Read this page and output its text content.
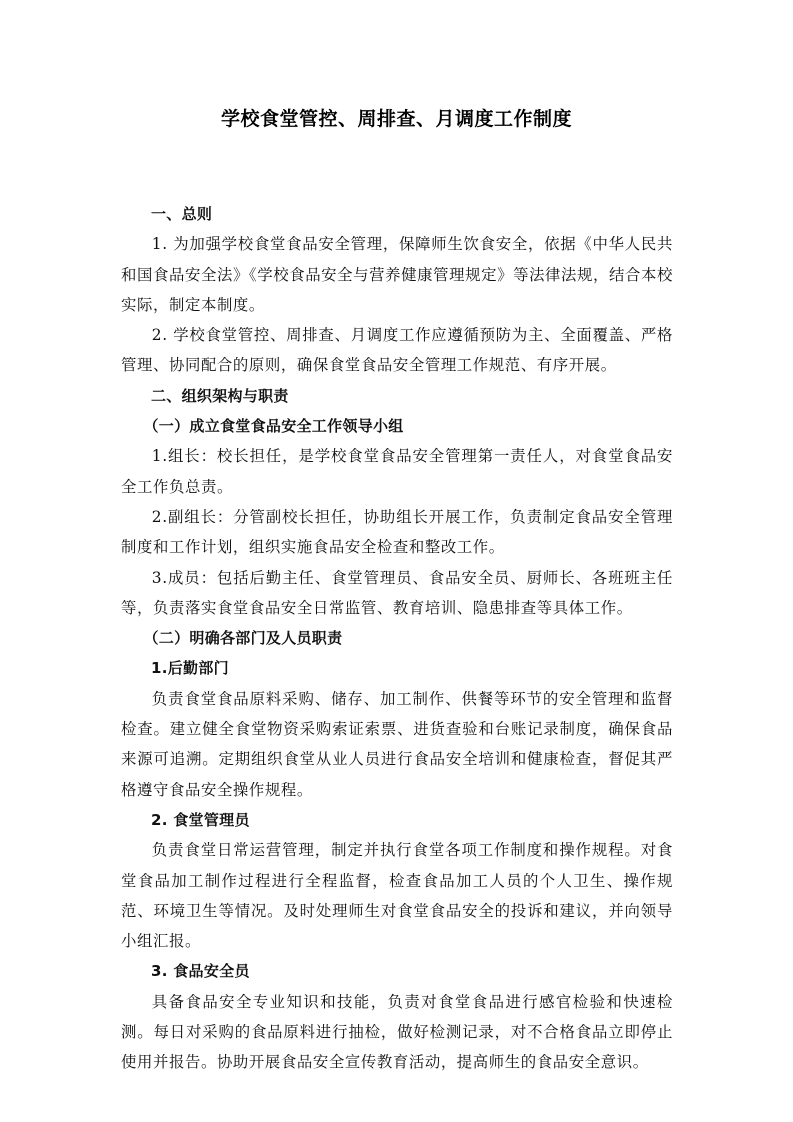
学校食堂管控、周排查、月调度工作制度
一、总则

1. 为加强学校食堂食品安全管理，保障师生饮食安全，依据《中华人民共和国食品安全法》《学校食品安全与营养健康管理规定》等法律法规，结合本校实际，制定本制度。

2. 学校食堂管控、周排查、月调度工作应遵循预防为主、全面覆盖、严格管理、协同配合的原则，确保食堂食品安全管理工作规范、有序开展。

二、组织架构与职责
（一）成立食堂食品安全工作领导小组

1.组长：校长担任，是学校食堂食品安全管理第一责任人，对食堂食品安全工作负总责。

2.副组长：分管副校长担任，协助组长开展工作，负责制定食品安全管理制度和工作计划，组织实施食品安全检查和整改工作。

3.成员：包括后勤主任、食堂管理员、食品安全员、厨师长、各班班主任等，负责落实食堂食品安全日常监管、教育培训、隐患排查等具体工作。

（二）明确各部门及人员职责
1.后勤部门

负责食堂食品原料采购、储存、加工制作、供餐等环节的安全管理和监督检查。建立健全食堂物资采购索证索票、进货查验和台账记录制度，确保食品来源可追溯。定期组织食堂从业人员进行食品安全培训和健康检查，督促其严格遵守食品安全操作规程。

2. 食堂管理员

负责食堂日常运营管理，制定并执行食堂各项工作制度和操作规程。对食堂食品加工制作过程进行全程监督，检查食品加工人员的个人卫生、操作规范、环境卫生等情况。及时处理师生对食堂食品安全的投诉和建议，并向领导小组汇报。

3. 食品安全员

具备食品安全专业知识和技能，负责对食堂食品进行感官检验和快速检测。每日对采购的食品原料进行抽检，做好检测记录，对不合格食品立即停止使用并报告。协助开展食品安全宣传教育活动，提高师生的食品安全意识。
